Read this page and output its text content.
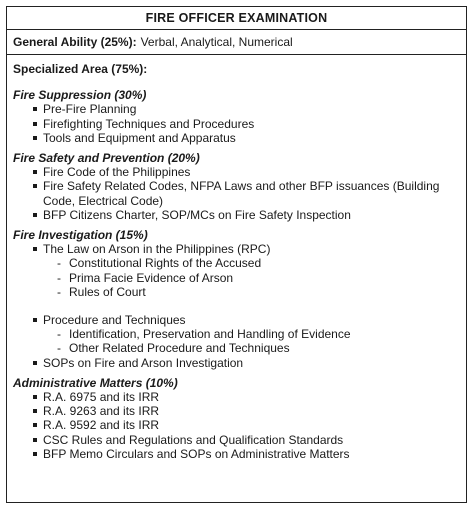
FIRE OFFICER EXAMINATION
General Ability (25%): Verbal, Analytical, Numerical
Specialized Area (75%):
Fire Suppression (30%)
Pre-Fire Planning
Firefighting Techniques and Procedures
Tools and Equipment and Apparatus
Fire Safety and Prevention (20%)
Fire Code of the Philippines
Fire Safety Related Codes, NFPA Laws and other BFP issuances (Building Code, Electrical Code)
BFP Citizens Charter, SOP/MCs on Fire Safety Inspection
Fire Investigation (15%)
The Law on Arson in the Philippines (RPC)
- Constitutional Rights of the Accused
- Prima Facie Evidence of Arson
- Rules of Court
Procedure and Techniques
- Identification, Preservation and Handling of Evidence
- Other Related Procedure and Techniques
SOPs on Fire and Arson Investigation
Administrative Matters (10%)
R.A. 6975 and its IRR
R.A. 9263 and its IRR
R.A. 9592 and its IRR
CSC Rules and Regulations and Qualification Standards
BFP Memo Circulars and SOPs on Administrative Matters
